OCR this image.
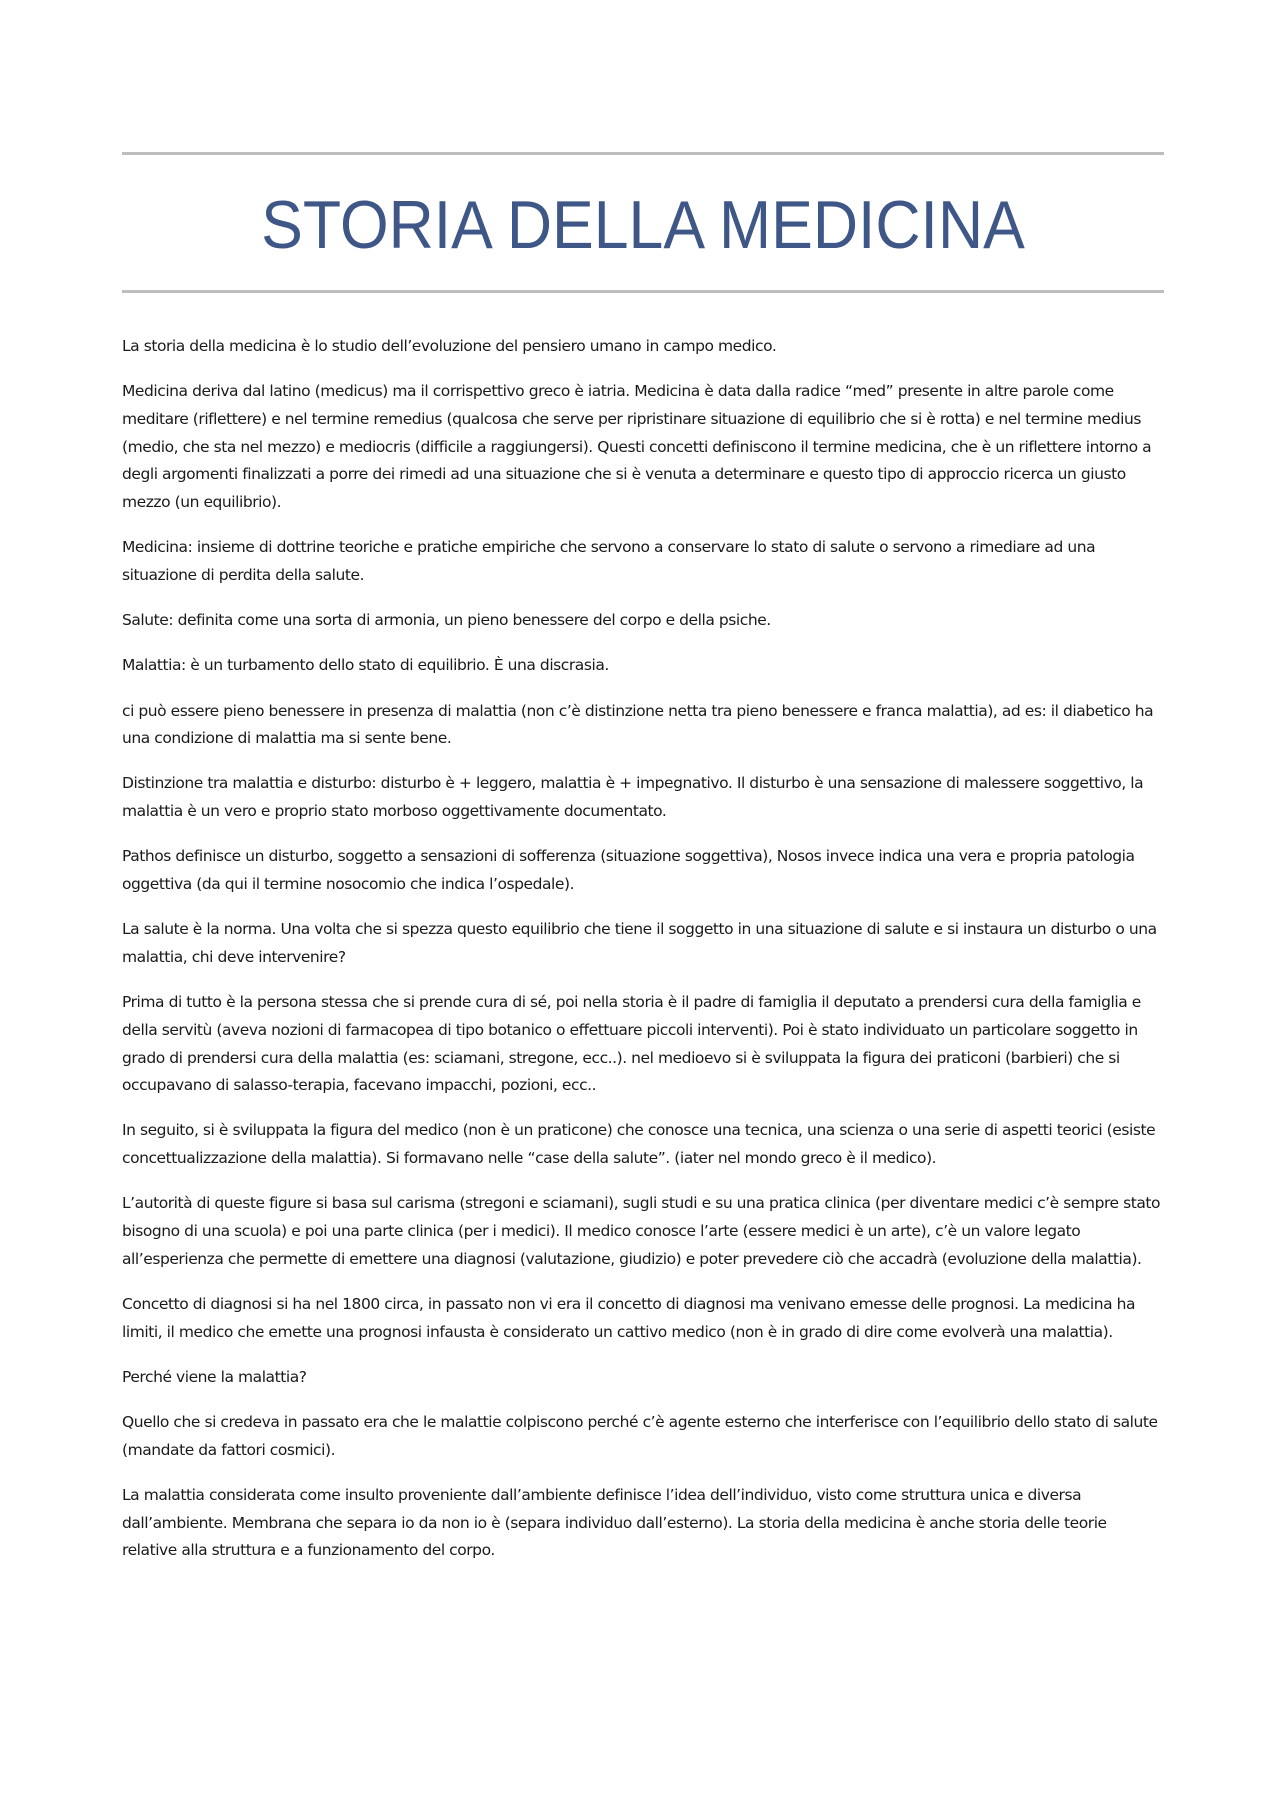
STORIA DELLA MEDICINA

La storia della medicina è lo studio dell’evoluzione del pensiero umano in campo medico.

Medicina deriva dal latino (medicus) ma il corrispettivo greco è iatria. Medicina è data dalla radice “med” presente in altre parole come meditare (riflettere) e nel termine remedius (qualcosa che serve per ripristinare situazione di equilibrio che si è rotta) e nel termine medius (medio, che sta nel mezzo) e mediocris (difficile a raggiungersi). Questi concetti definiscono il termine medicina, che è un riflettere intorno a degli argomenti finalizzati a porre dei rimedi ad una situazione che si è venuta a determinare e questo tipo di approccio ricerca un giusto mezzo (un equilibrio).

Medicina: insieme di dottrine teoriche e pratiche empiriche che servono a conservare lo stato di salute o servono a rimediare ad una situazione di perdita della salute.

Salute: definita come una sorta di armonia, un pieno benessere del corpo e della psiche.

Malattia: è un turbamento dello stato di equilibrio. È una discrasia.

ci può essere pieno benessere in presenza di malattia (non c’è distinzione netta tra pieno benessere e franca malattia), ad es: il diabetico ha una condizione di malattia ma si sente bene.

Distinzione tra malattia e disturbo: disturbo è + leggero, malattia è + impegnativo. Il disturbo è una sensazione di malessere soggettivo, la malattia è un vero e proprio stato morboso oggettivamente documentato.

Pathos definisce un disturbo, soggetto a sensazioni di sofferenza (situazione soggettiva), Nosos invece indica una vera e propria patologia oggettiva (da qui il termine nosocomio che indica l’ospedale).

La salute è la norma. Una volta che si spezza questo equilibrio che tiene il soggetto in una situazione di salute e si instaura un disturbo o una malattia, chi deve intervenire?

Prima di tutto è la persona stessa che si prende cura di sé, poi nella storia è il padre di famiglia il deputato a prendersi cura della famiglia e della servitù (aveva nozioni di farmacopea di tipo botanico o effettuare piccoli interventi). Poi è stato individuato un particolare soggetto in grado di prendersi cura della malattia (es: sciamani, stregone, ecc..). nel medioevo si è sviluppata la figura dei praticoni (barbieri) che si occupavano di salasso-terapia, facevano impacchi, pozioni, ecc..

In seguito, si è sviluppata la figura del medico (non è un praticone) che conosce una tecnica, una scienza o una serie di aspetti teorici (esiste concettualizzazione della malattia). Si formavano nelle “case della salute”. (iater nel mondo greco è il medico).

L’autorità di queste figure si basa sul carisma (stregoni e sciamani), sugli studi e su una pratica clinica (per diventare medici c’è sempre stato bisogno di una scuola) e poi una parte clinica (per i medici). Il medico conosce l’arte (essere medici è un arte), c’è un valore legato all’esperienza che permette di emettere una diagnosi (valutazione, giudizio) e poter prevedere ciò che accadrà (evoluzione della malattia).

Concetto di diagnosi si ha nel 1800 circa, in passato non vi era il concetto di diagnosi ma venivano emesse delle prognosi. La medicina ha limiti, il medico che emette una prognosi infausta è considerato un cattivo medico (non è in grado di dire come evolverà una malattia).

Perché viene la malattia?

Quello che si credeva in passato era che le malattie colpiscono perché c’è agente esterno che interferisce con l’equilibrio dello stato di salute (mandate da fattori cosmici).

La malattia considerata come insulto proveniente dall’ambiente definisce l’idea dell’individuo, visto come struttura unica e diversa dall’ambiente. Membrana che separa io da non io è (separa individuo dall’esterno). La storia della medicina è anche storia delle teorie relative alla struttura e a funzionamento del corpo.
